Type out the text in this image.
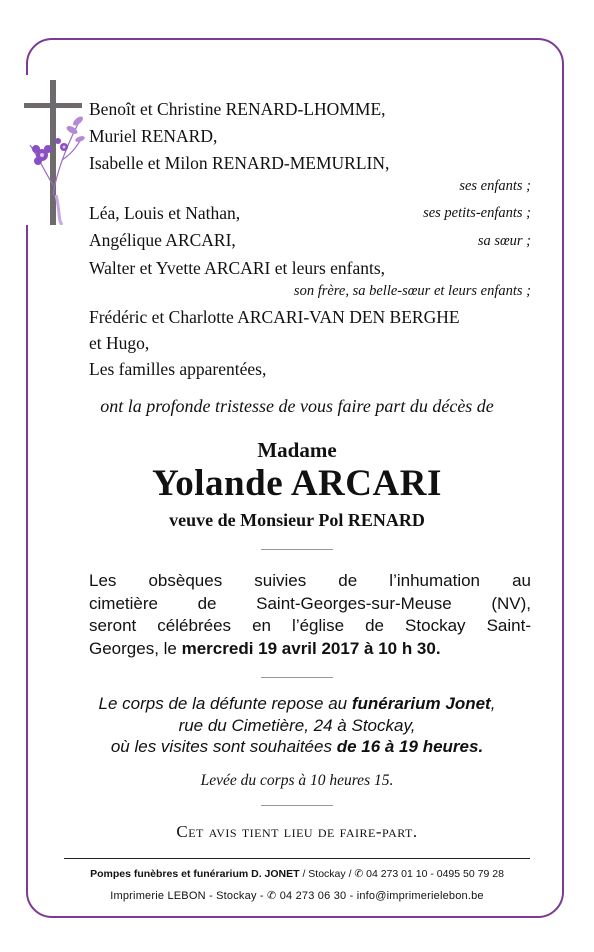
Benoît et Christine RENARD-LHOMME,
Muriel RENARD,
Isabelle et Milon RENARD-MEMURLIN,
ses enfants ;
Léa, Louis et Nathan,	ses petits-enfants ;
Angélique ARCARI,	sa sœur ;
Walter et Yvette ARCARI et leurs enfants,
son frère, sa belle-sœur et leurs enfants ;
Frédéric et Charlotte ARCARI-VAN DEN BERGHE
et Hugo,
Les familles apparentées,
ont la profonde tristesse de vous faire part du décès de
Madame
Yolande ARCARI
veuve de Monsieur Pol RENARD
Les obsèques suivies de l’inhumation au
cimetière de Saint-Georges-sur-Meuse (NV),
seront célébrées en l’église de Stockay Saint-
Georges, le mercredi 19 avril 2017 à 10 h 30.
Le corps de la défunte repose au funérarium Jonet,
rue du Cimetière, 24 à Stockay,
où les visites sont souhaitées de 16 à 19 heures.
Levée du corps à 10 heures 15.
Cet avis tient lieu de faire-part.
Pompes funèbres et funérarium D. JONET / Stockay / ✆ 04 273 01 10 - 0495 50 79 28
Imprimerie LEBON - Stockay - ✆ 04 273 06 30 - info@imprimerielebon.be
